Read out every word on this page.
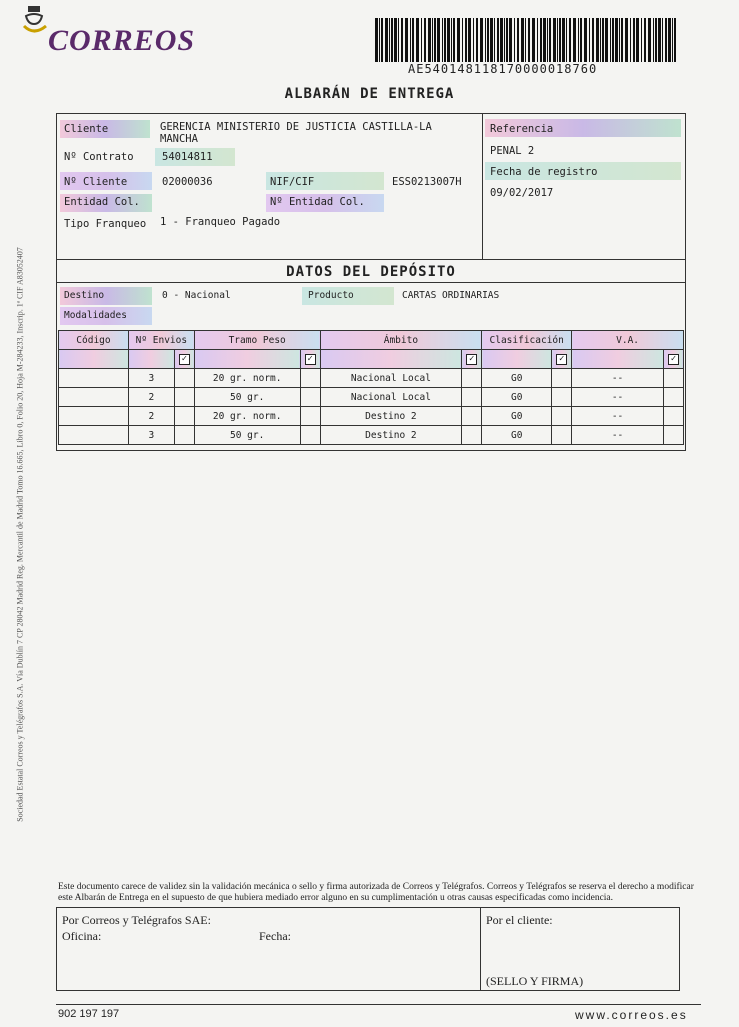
CORREOS
AE540148118170000018760
ALBARÁN DE ENTREGA
Cliente	GERENCIA MINISTERIO DE JUSTICIA CASTILLA-LA MANCHA
Nº Contrato	54014811
Nº Cliente	02000036	NIF/CIF	ESS0213007H
Entidad Col.	Nº Entidad Col.
Tipo Franqueo 1 - Franqueo Pagado
Referencia
PENAL 2
Fecha de registro
09/02/2017
DATOS DEL DEPÓSITO
Destino	0 - Nacional	Producto	CARTAS ORDINARIAS
Modalidades
Código	Nº Envios		Tramo Peso		Ámbito		Clasificación		V.A.	
		✓		✓		✓		✓		✓
	3		20 gr. norm.		Nacional Local		G0		--	
	2		50 gr.		Nacional Local		G0		--	
	2		20 gr. norm.		Destino 2		G0		--	
	3		50 gr.		Destino 2		G0		--	
Sociedad Estatal Correos y Telégrafos S.A. Vía Dublín 7 CP 28042 Madrid Reg. Mercantil de Madrid Tomo 16.665, Libro 0, Folio 20, Hoja M-284233, Inscrip. 1ª CIF A83052407
Este documento carece de validez sin la validación mecánica o sello y firma autorizada de Correos y Telégrafos. Correos y Telégrafos se reserva el derecho a modificar este Albarán de Entrega en el supuesto de que hubiera mediado error alguno en su cumplimentación u otras causas especificadas como incidencia.
Por Correos y Telégrafos SAE:
Oficina:	Fecha:
Por el cliente:
(SELLO Y FIRMA)
902 197 197	www.correos.es
